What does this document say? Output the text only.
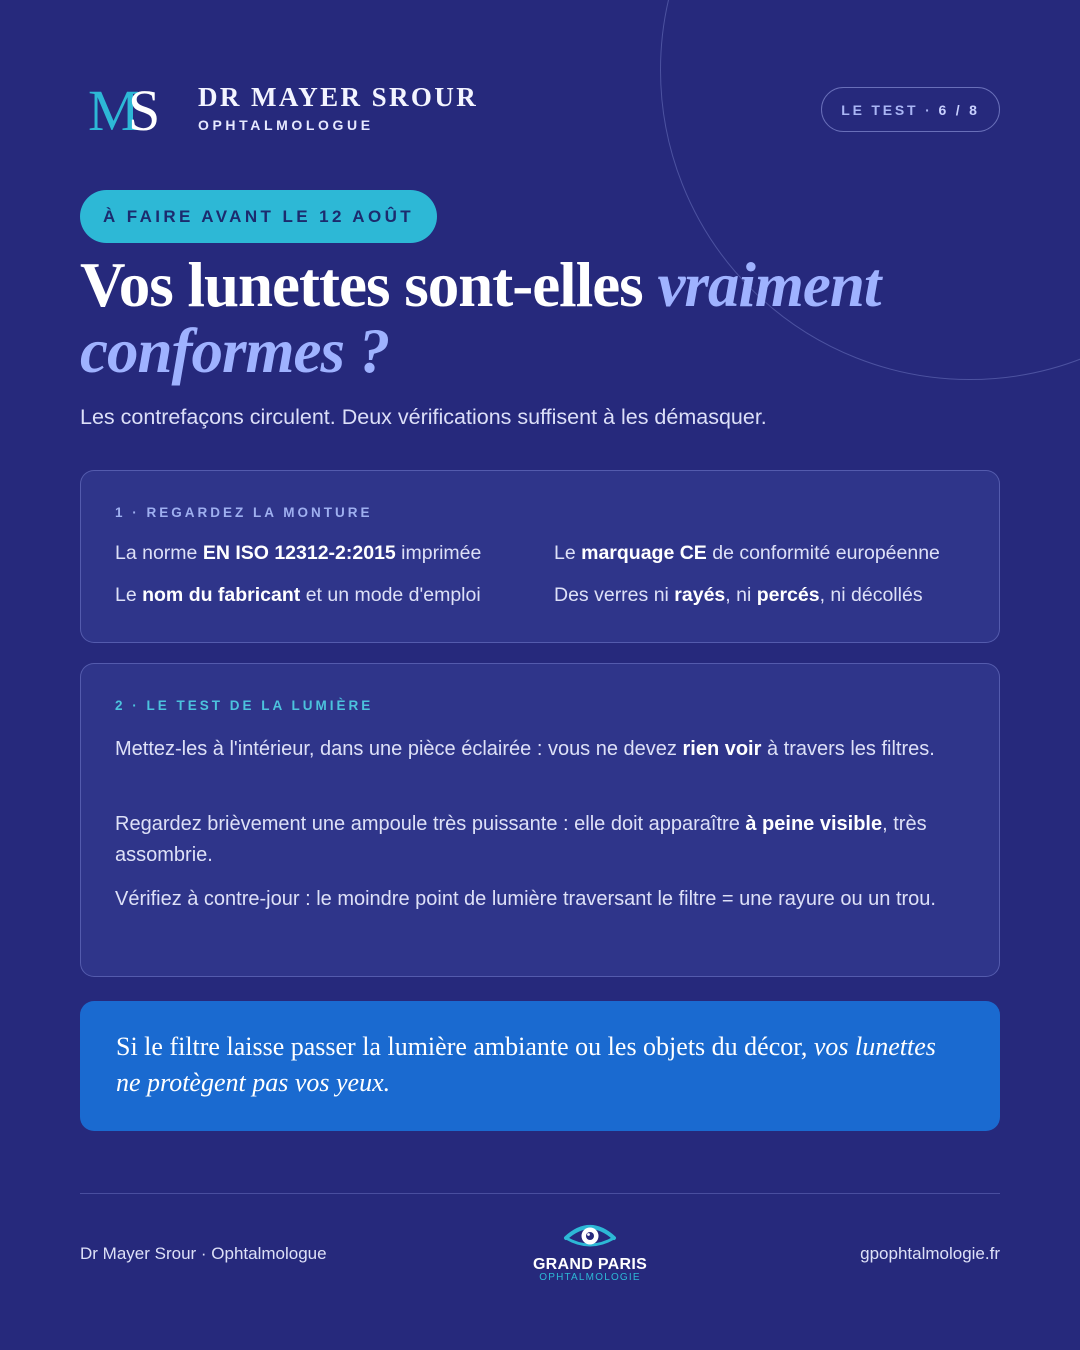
M
S DR MAYER SROUR
OPHTALMOLOGUE
LE TEST · 6 / 8
À FAIRE AVANT LE 12 AOÛT
Vos lunettes sont-elles vraiment conformes ?

Les contrefaçons circulent. Deux vérifications suffisent à les démasquer.

1 · REGARDEZ LA MONTURE
La norme EN ISO 12312-2:2015 imprimée	Le marquage CE de conformité européenne
Le nom du fabricant et un mode d'emploi	Des verres ni rayés, ni percés, ni décollés
2 · LE TEST DE LA LUMIÈRE

Mettez-les à l'intérieur, dans une pièce éclairée : vous ne devez rien voir à travers les filtres.

Regardez brièvement une ampoule très puissante : elle doit apparaître à peine visible, très assombrie.

Vérifiez à contre-jour : le moindre point de lumière traversant le filtre = une rayure ou un trou.

Si le filtre laisse passer la lumière ambiante ou les objets du décor, vos lunettes ne protègent pas vos yeux.

Dr Mayer Srour · Ophtalmologue
GRAND PARIS
OPHTALMOLOGIE
gpophtalmologie.fr
